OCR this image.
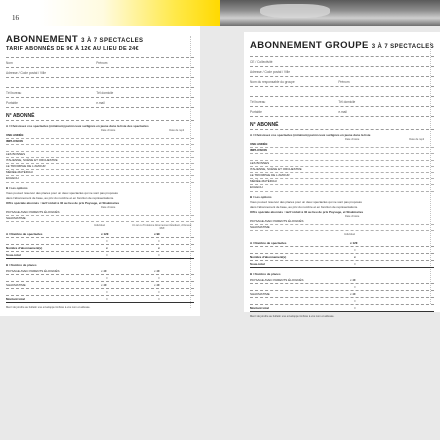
16
ABONNEMENT 3 À 7 SPECTACLES
TARIF ABONNÉS DE 9€ À 12€ AU LIEU DE 24€
Nom	Prénom
Adresse / Code postal / Ville
Tél bureau	Tél domicile
Portable	e.mail
N° ABONNÉ
A / Choisissez vos spectacles (minimum) parmi ceux surlignés en jaune dans la liste des spectacles
Date choisie	Date de repli
UNE ANNÉE
IMPLOSION

LES BONNES
ITALIENNE, SCÈNE ET ORCHESTRE
LE TRIOMPHE DE L'AMOUR
MÉDÉE-MATÉRIAU
ECHECH
B / Les options
Vous pouvez réserver des places pour un deux spectacles qui ne sont pas proposés
dans l'abonnement de base, au prix du nombre et en fonction de représentations.
Offre spéciale abonnés : tarif réduit à 4€ au lieu de prix Paysage, et Shakmaries
Date choisie
PAYSAGE AVEC PARENTS ÉLOIGNÉS
SHAKMATIME
Individuel	Un tel ou Troisième Abonnement Étudiant, chômeur, RMI
A / Nombre de spectacles	x 12€	x 9€

=	=

Nombre d'abonnement(s)	x	x

Sous-total	=	=

B / Nombre de places
PAYSAGE AVEC PARENTS ÉLOIGNÉS	x 4€	x 4€

=	=

SHAKMATIME	x 4€	x 4€

=	=

Montant total	=	=

Merci de joindre au bulletin une enveloppe timbrée à vos nom et adresse.
ABONNEMENT GROUPE 3 À 7 SPECTACLES
CE / Collectivité
Adresse / Code postal / Ville
Nom du responsable du groupe	Prénom
Tél bureau	Tél domicile
Portable	e.mail
N° ABONNÉ
A / Choisissez vos spectacles (minimum) parmi ceux surlignés en jaune dans la liste
Date choisie	Date de repli
UNE ANNÉE
IMPLOSION

LES BONNES
ITALIENNE, SCÈNE ET ORCHESTRE
LE TRIOMPHE DE L'AMOUR
MÉDÉE-MATÉRIAU
ECHECH
B / Les options
Vous pouvez réserver des places pour un deux spectacles qui ne sont pas proposés
dans l'abonnement de base, au prix du nombre et en fonction de représentations.
Offre spéciale abonnés : tarif réduit à 4€ au lieu de prix Paysage, et Shakmaries
Date choisie
PAYSAGE AVEC PARENTS ÉLOIGNÉS
SHAKMATIME
Individuel
A / Nombre de spectacles	x 12€

=

Nombre d'abonnement(s)	x

Sous-total	=

B / Nombre de places
PAYSAGE AVEC PARENTS ÉLOIGNÉS	x 4€

=

SHAKMATIME	x 4€

=

Montant total	=

Merci de joindre au bulletin une enveloppe timbrée à vos nom et adresse.
